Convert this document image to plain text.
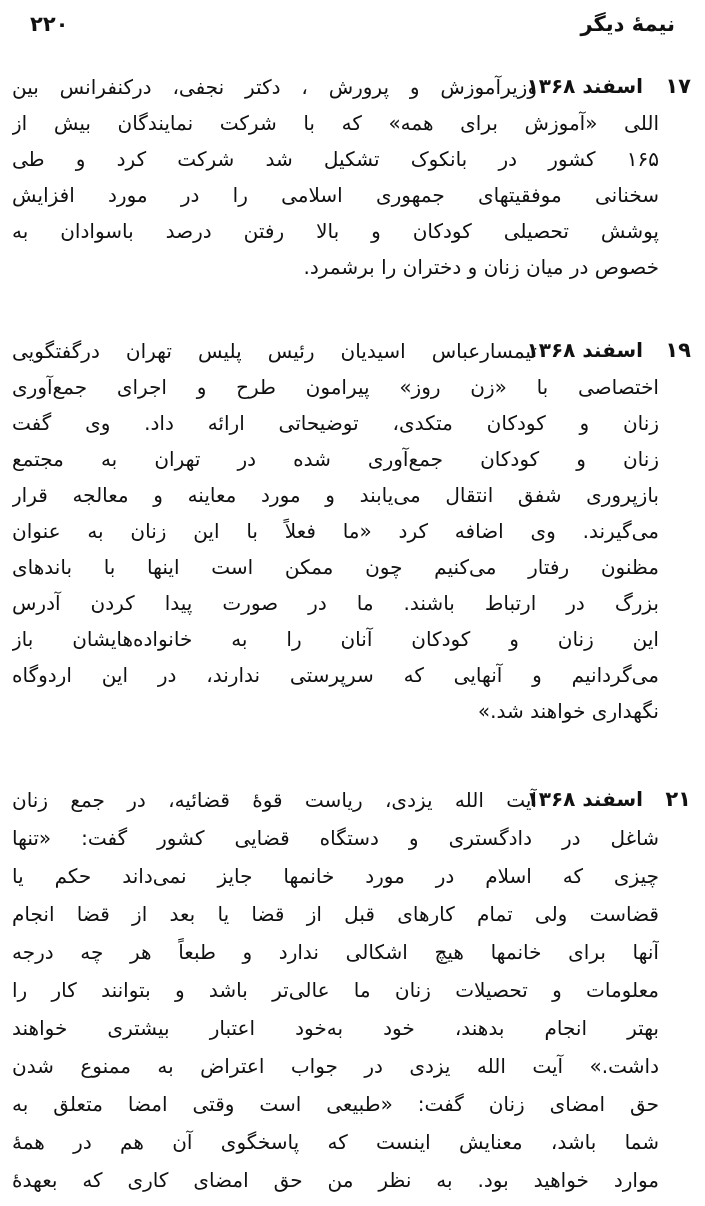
نیمهٔ دیگر
۲۲۰
۱۷
اسفند ۱۳۶۸
وزیرآموزش و پرورش ، دکتر نجفی، درکنفرانس بین
اللی «آموزش برای همه» که با شرکت نمایندگان بیش از
۱۶۵ کشور در بانکوک تشکیل شد شرکت کرد و طی
سخنانی موفقیتهای جمهوری اسلامی را در مورد افزایش
پوشش تحصیلی کودکان و بالا رفتن درصد باسوادان به
خصوص در میان زنان و دختران را برشمرد.
۱۹
اسفند ۱۳۶۸
تیمسارعباس اسیدیان رئیس پلیس تهران درگفتگویی
اختصاصی با «زن روز» پیرامون طرح و اجرای جمع‌آوری
زنان و کودکان متکدی، توضیحاتی ارائه داد. وی گفت
زنان و کودکان جمع‌آوری شده در تهران به مجتمع
بازپروری شفق انتقال می‌یابند و مورد معاینه و معالجه قرار
می‌گیرند. وی اضافه کرد «ما فعلاً با این زنان به عنوان
مظنون رفتار می‌کنیم چون ممکن است اینها با باندهای
بزرگ در ارتباط باشند. ما در صورت پیدا کردن آدرس
این زنان و کودکان آنان را به خانواده‌هایشان باز
می‌گردانیم و آنهایی که سرپرستی ندارند، در این اردوگاه
نگهداری خواهند شد.»
۲۱
اسفند ۱۳۶۸
آیت الله یزدی، ریاست قوهٔ قضائیه، در جمع زنان
شاغل در دادگستری و دستگاه قضایی کشور گفت: «تنها
چیزی که اسلام در مورد خانمها جایز نمی‌داند حکم یا
قضاست ولی تمام کارهای قبل از قضا یا بعد از قضا انجام
آنها برای خانمها هیچ اشکالی ندارد و طبعاً هر چه درجه
معلومات و تحصیلات زنان ما عالی‌تر باشد و بتوانند کار را
بهتر انجام بدهند، خود به‌خود اعتبار بیشتری خواهند
داشت.» آیت الله یزدی در جواب اعتراض به ممنوع شدن
حق امضای زنان گفت: «طبیعی است وقتی امضا متعلق به
شما باشد، معنایش اینست که پاسخگوی آن هم در همهٔ
موارد خواهید بود. به نظر من حق امضای کاری که بعهدهٔ
